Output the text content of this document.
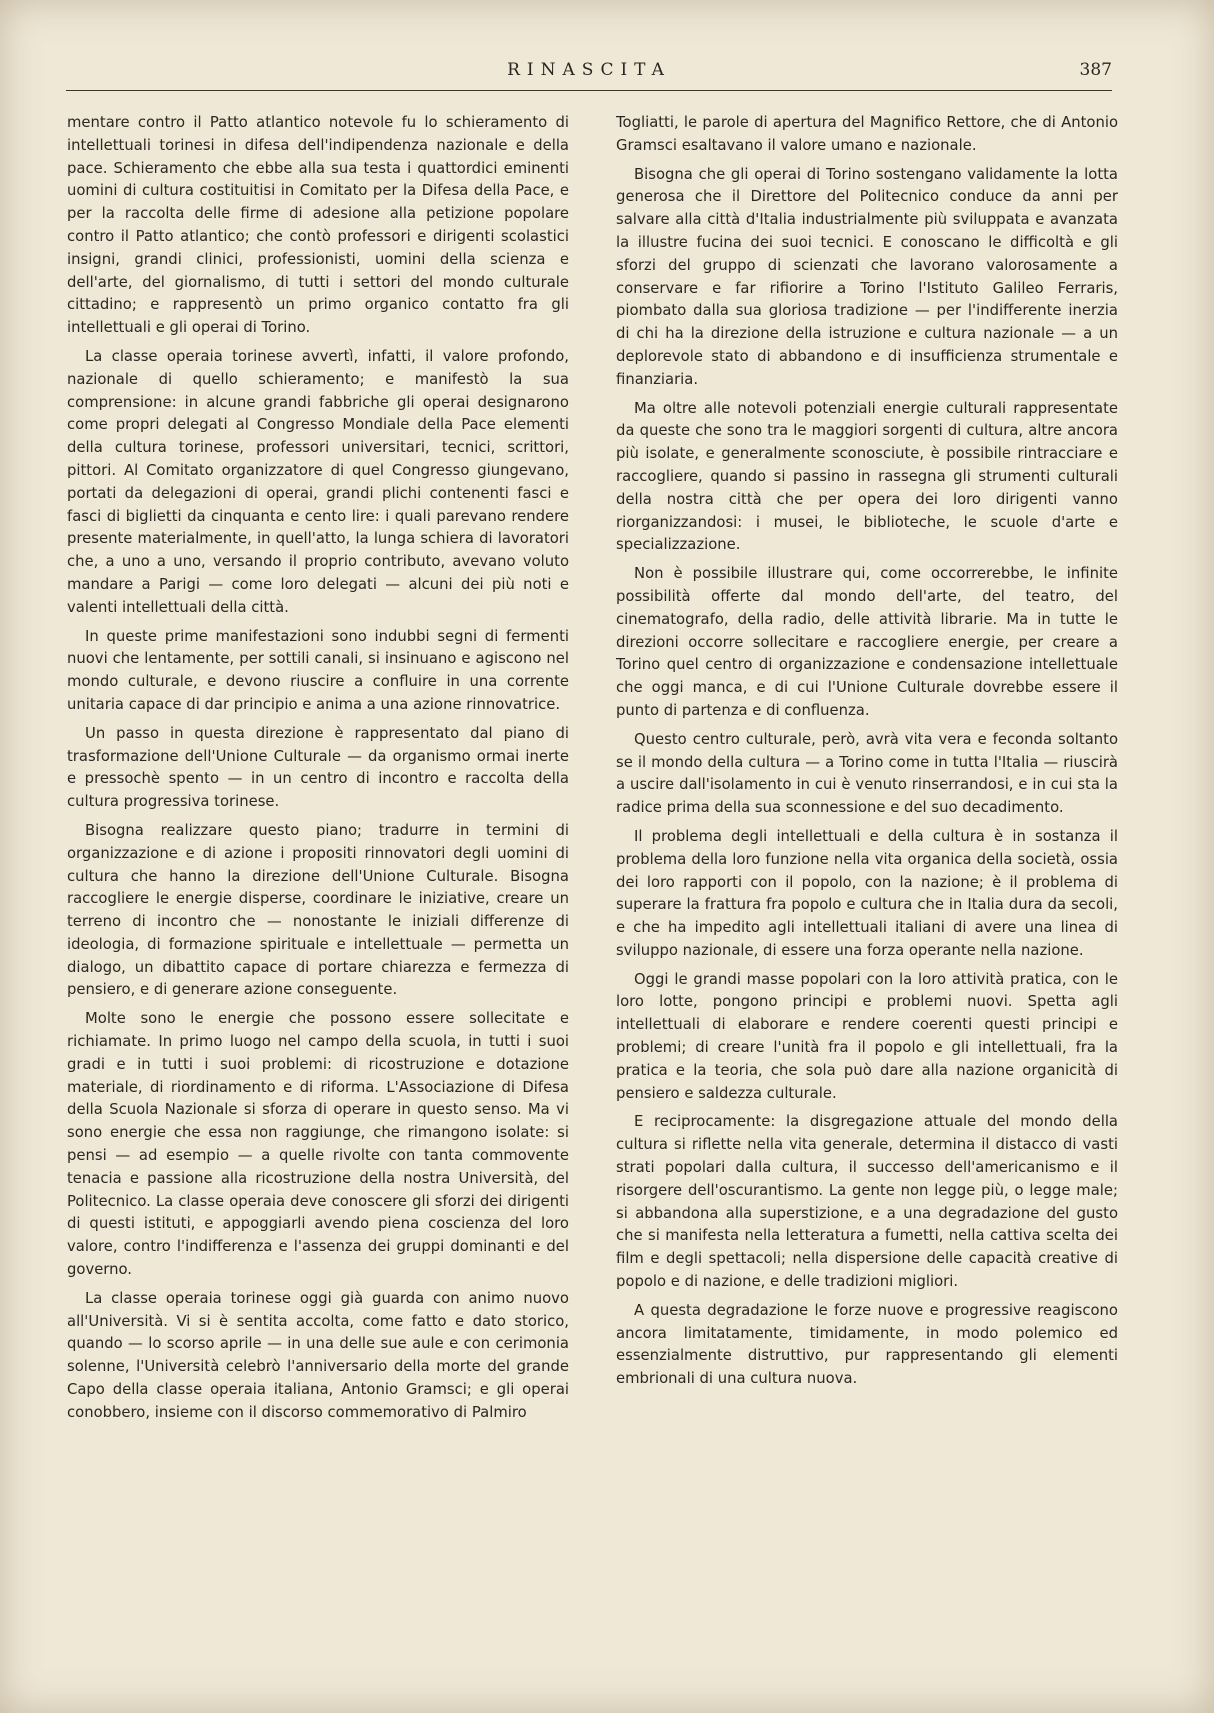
RINASCITA	387

mentare contro il Patto atlantico notevole fu lo schieramento di intellettuali torinesi in difesa dell'indipendenza nazionale e della pace. Schieramento che ebbe alla sua testa i quattordici eminenti uomini di cultura costituitisi in Comitato per la Difesa della Pace, e per la raccolta delle firme di adesione alla petizione popolare contro il Patto atlantico; che contò professori e dirigenti scolastici insigni, grandi clinici, professionisti, uomini della scienza e dell'arte, del giornalismo, di tutti i settori del mondo culturale cittadino; e rappresentò un primo organico contatto fra gli intellettuali e gli operai di Torino.

La classe operaia torinese avvertì, infatti, il valore profondo, nazionale di quello schieramento; e manifestò la sua comprensione: in alcune grandi fabbriche gli operai designarono come propri delegati al Congresso Mondiale della Pace elementi della cultura torinese, professori universitari, tecnici, scrittori, pittori. Al Comitato organizzatore di quel Congresso giungevano, portati da delegazioni di operai, grandi plichi contenenti fasci e fasci di biglietti da cinquanta e cento lire: i quali parevano rendere presente materialmente, in quell'atto, la lunga schiera di lavoratori che, a uno a uno, versando il proprio contributo, avevano voluto mandare a Parigi — come loro delegati — alcuni dei più noti e valenti intellettuali della città.

In queste prime manifestazioni sono indubbi segni di fermenti nuovi che lentamente, per sottili canali, si insinuano e agiscono nel mondo culturale, e devono riuscire a confluire in una corrente unitaria capace di dar principio e anima a una azione rinnovatrice.

Un passo in questa direzione è rappresentato dal piano di trasformazione dell'Unione Culturale — da organismo ormai inerte e pressochè spento — in un centro di incontro e raccolta della cultura progressiva torinese.

Bisogna realizzare questo piano; tradurre in termini di organizzazione e di azione i propositi rinnovatori degli uomini di cultura che hanno la direzione dell'Unione Culturale. Bisogna raccogliere le energie disperse, coordinare le iniziative, creare un terreno di incontro che — nonostante le iniziali differenze di ideologia, di formazione spirituale e intellettuale — permetta un dialogo, un dibattito capace di portare chiarezza e fermezza di pensiero, e di generare azione conseguente.

Molte sono le energie che possono essere sollecitate e richiamate. In primo luogo nel campo della scuola, in tutti i suoi gradi e in tutti i suoi problemi: di ricostruzione e dotazione materiale, di riordinamento e di riforma. L'Associazione di Difesa della Scuola Nazionale si sforza di operare in questo senso. Ma vi sono energie che essa non raggiunge, che rimangono isolate: si pensi — ad esempio — a quelle rivolte con tanta commovente tenacia e passione alla ricostruzione della nostra Università, del Politecnico. La classe operaia deve conoscere gli sforzi dei dirigenti di questi istituti, e appoggiarli avendo piena coscienza del loro valore, contro l'indifferenza e l'assenza dei gruppi dominanti e del governo.

La classe operaia torinese oggi già guarda con animo nuovo all'Università. Vi si è sentita accolta, come fatto e dato storico, quando — lo scorso aprile — in una delle sue aule e con cerimonia solenne, l'Università celebrò l'anniversario della morte del grande Capo della classe operaia italiana, Antonio Gramsci; e gli operai conobbero, insieme con il discorso commemorativo di Palmiro

Togliatti, le parole di apertura del Magnifico Rettore, che di Antonio Gramsci esaltavano il valore umano e nazionale.

Bisogna che gli operai di Torino sostengano validamente la lotta generosa che il Direttore del Politecnico conduce da anni per salvare alla città d'Italia industrialmente più sviluppata e avanzata la illustre fucina dei suoi tecnici. E conoscano le difficoltà e gli sforzi del gruppo di scienzati che lavorano valorosamente a conservare e far rifiorire a Torino l'Istituto Galileo Ferraris, piombato dalla sua gloriosa tradizione — per l'indifferente inerzia di chi ha la direzione della istruzione e cultura nazionale — a un deplorevole stato di abbandono e di insufficienza strumentale e finanziaria.

Ma oltre alle notevoli potenziali energie culturali rappresentate da queste che sono tra le maggiori sorgenti di cultura, altre ancora più isolate, e generalmente sconosciute, è possibile rintracciare e raccogliere, quando si passino in rassegna gli strumenti culturali della nostra città che per opera dei loro dirigenti vanno riorganizzandosi: i musei, le biblioteche, le scuole d'arte e specializzazione.

Non è possibile illustrare qui, come occorrerebbe, le infinite possibilità offerte dal mondo dell'arte, del teatro, del cinematografo, della radio, delle attività librarie. Ma in tutte le direzioni occorre sollecitare e raccogliere energie, per creare a Torino quel centro di organizzazione e condensazione intellettuale che oggi manca, e di cui l'Unione Culturale dovrebbe essere il punto di partenza e di confluenza.

Questo centro culturale, però, avrà vita vera e feconda soltanto se il mondo della cultura — a Torino come in tutta l'Italia — riuscirà a uscire dall'isolamento in cui è venuto rinserrandosi, e in cui sta la radice prima della sua sconnessione e del suo decadimento.

Il problema degli intellettuali e della cultura è in sostanza il problema della loro funzione nella vita organica della società, ossia dei loro rapporti con il popolo, con la nazione; è il problema di superare la frattura fra popolo e cultura che in Italia dura da secoli, e che ha impedito agli intellettuali italiani di avere una linea di sviluppo nazionale, di essere una forza operante nella nazione.

Oggi le grandi masse popolari con la loro attività pratica, con le loro lotte, pongono principi e problemi nuovi. Spetta agli intellettuali di elaborare e rendere coerenti questi principi e problemi; di creare l'unità fra il popolo e gli intellettuali, fra la pratica e la teoria, che sola può dare alla nazione organicità di pensiero e saldezza culturale.

E reciprocamente: la disgregazione attuale del mondo della cultura si riflette nella vita generale, determina il distacco di vasti strati popolari dalla cultura, il successo dell'americanismo e il risorgere dell'oscurantismo. La gente non legge più, o legge male; si abbandona alla superstizione, e a una degradazione del gusto che si manifesta nella letteratura a fumetti, nella cattiva scelta dei film e degli spettacoli; nella dispersione delle capacità creative di popolo e di nazione, e delle tradizioni migliori.

A questa degradazione le forze nuove e progressive reagiscono ancora limitatamente, timidamente, in modo polemico ed essenzialmente distruttivo, pur rappresentando gli elementi embrionali di una cultura nuova.
